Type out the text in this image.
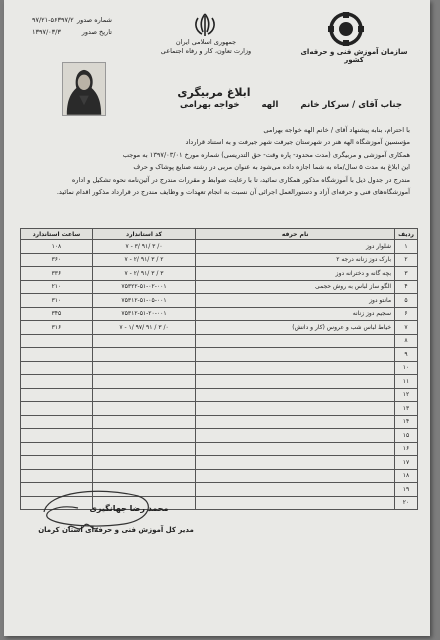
شماره صدور
۹۷/۲۱-۵۶۳۹۷/۲
تاریخ صدور
۱۳۹۷/۰۳/۳
جمهوری اسلامی ایران
وزارت تعاون، کار و رفاه اجتماعی	سازمان آموزش فنی و حرفه‌ای کشور
ابلاغ مربیگری
جناب آقای / سرکار خانم
الهه
خواجه بهرامی

با احترام، بنابه پیشنهاد آقای / خانم الهه خواجه بهرامی

مؤسسین آموزشگاه الهه هنر در شهرستان جیرفت شهر جیرفت و به استناد قرارداد

همکاری آموزشی و مربیگری (مدت محدود- پاره وقت- حق التدریسی) شماره مورخ ۱۳۹۷/۰۳/۰۱ به موجب

این ابلاغ به مدت ۵ سال/ماه به شما اجازه داده می‌شود به عنوان مربی در رشته صنایع پوشاک و حرف

مندرج در جدول ذیل با آموزشگاه مذکور همکاری نمائید، تا با رعایت ضوابط و مقررات مندرج در آئین‌نامه نحوه تشکیل و اداره

آموزشگاه‌های فنی و حرفه‌ای آزاد و دستورالعمل اجرائی آن نسبت به انجام تعهدات و وظایف مندرج در قرارداد مذکور اقدام نمائید.

ردیف	نام حرفه	کد استاندارد	ساعت استاندارد
۱	شلوار دوز	۷ - ۳/ ۹۱/ ۳ /۰	۱۰۸
۲	بارک دوز زنانه درجه ۲	۷ - ۲/ ۹۱/ ۳ / ۲	۳۶۰
۳	بچه گانه و دخترانه دوز	۷ - ۲/ ۹۱/ ۳ / ۳	۳۳۶
۴	الگو ساز لباس به روش حجمی	۷۵۳۲۲-۵۱-۰۲-۰۰۱	۲۱۰
۵	مانتو دوز	۷۵۳۱۲-۵۱-۰۵-۰۰۱	۳۱۰
۶	سجیم دوز زنانه	۷۵۳۱۲-۵۱-۲۰-۰۰۱	۳۴۵
۷	خیاط لباس شب و عروس (کار و دانش)	۷ - ۱/ ۹۷/ ۹۱ / ۳ /۰	۳۱۶
۸			
۹			
۱۰			
۱۱			
۱۲			
۱۳			
۱۴			
۱۵			
۱۶			
۱۷			
۱۸			
۱۹			
۲۰			
محمد رضا جهانگیری
مدیر کل آموزش فنی و حرفه‌ای استان کرمان
